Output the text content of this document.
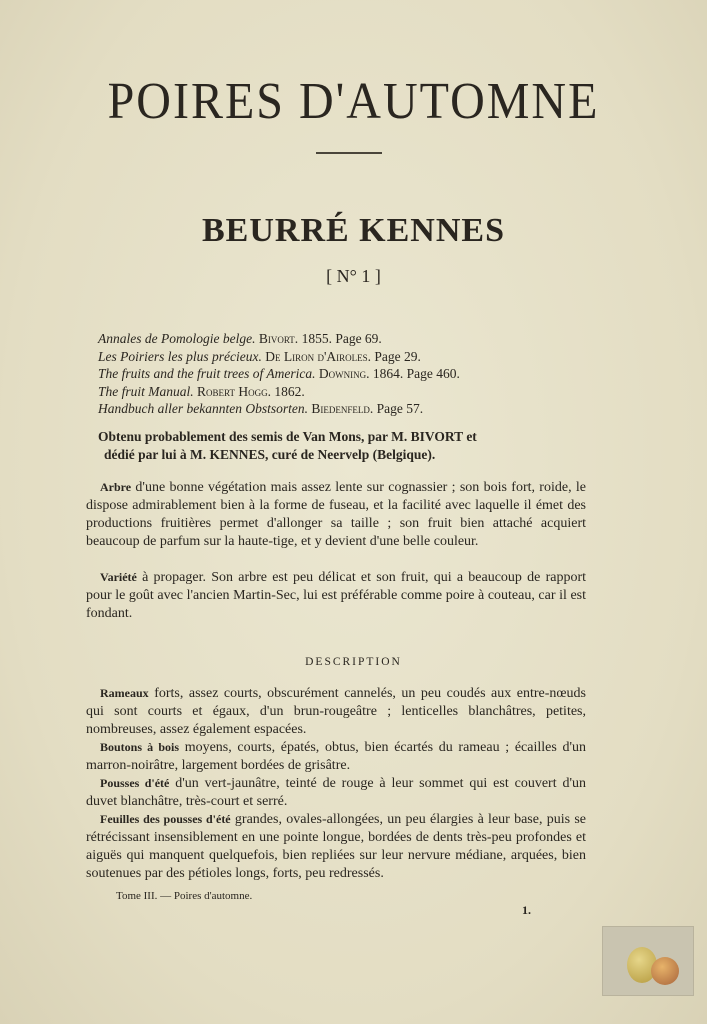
POIRES D'AUTOMNE
BEURRÉ KENNES
[ N° 1 ]
Annales de Pomologie belge. Bivort. 1855. Page 69.
Les Poiriers les plus précieux. De Liron d'Airoles. Page 29.
The fruits and the fruit trees of America. Downing. 1864. Page 460.
The fruit Manual. Robert Hogg. 1862.
Handbuch aller bekannten Obstsorten. Biedenfeld. Page 57.
Obtenu probablement des semis de Van Mons, par M. BIVORT et
dédié par lui à M. KENNES, curé de Neervelp (Belgique).
Arbre d'une bonne végétation mais assez lente sur cognassier ; son bois fort, roide, le dispose admirablement bien à la forme de fuseau, et la facilité avec laquelle il émet des productions fruitières permet d'allonger sa taille ; son fruit bien attaché acquiert beaucoup de parfum sur la haute-tige, et y devient d'une belle couleur.
Variété à propager. Son arbre est peu délicat et son fruit, qui a beaucoup de rapport pour le goût avec l'ancien Martin-Sec, lui est préférable comme poire à couteau, car il est fondant.
DESCRIPTION
Rameaux forts, assez courts, obscurément cannelés, un peu coudés aux entre-nœuds qui sont courts et égaux, d'un brun-rougeâtre ; lenticelles blanchâtres, petites, nombreuses, assez également espacées.
Boutons à bois moyens, courts, épatés, obtus, bien écartés du rameau ; écailles d'un marron-noirâtre, largement bordées de grisâtre.
Pousses d'été d'un vert-jaunâtre, teinté de rouge à leur sommet qui est couvert d'un duvet blanchâtre, très-court et serré.
Feuilles des pousses d'été grandes, ovales-allongées, un peu élargies à leur base, puis se rétrécissant insensiblement en une pointe longue, bordées de dents très-peu profondes et aiguës qui manquent quelquefois, bien repliées sur leur nervure médiane, arquées, bien soutenues par des pétioles longs, forts, peu redressés.
Tome III. — Poires d'automne.
1.
